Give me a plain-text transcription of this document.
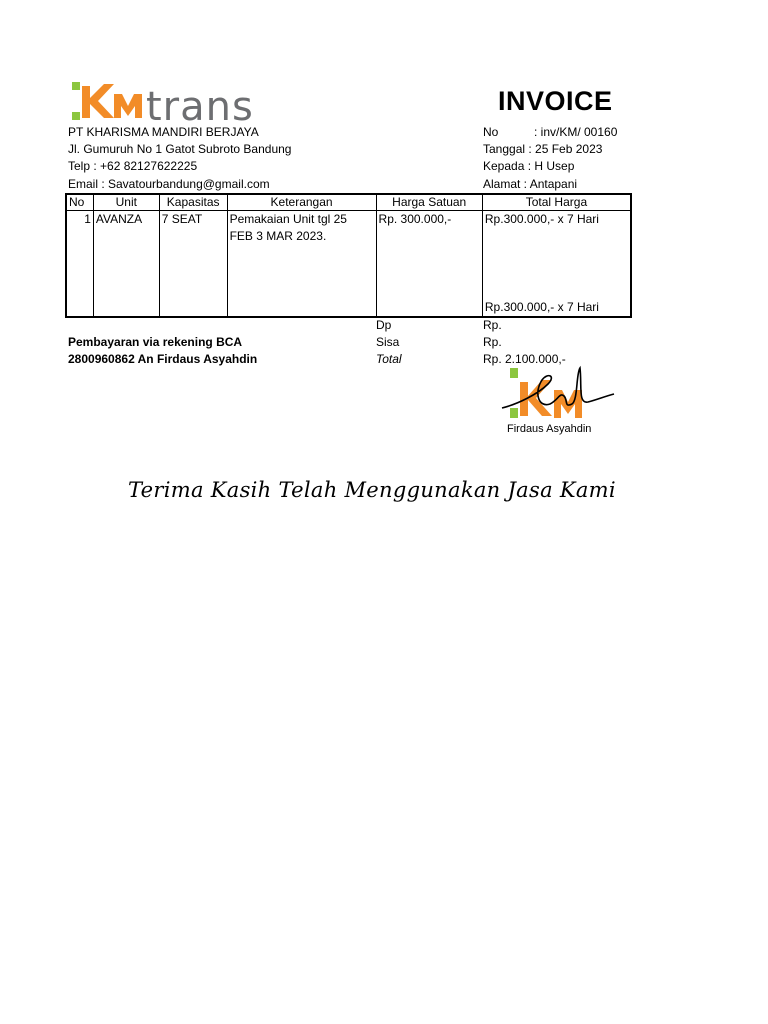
trans	INVOICE
PT KHARISMA MANDIRI BERJAYA
Jl. Gumuruh No 1 Gatot Subroto Bandung
Telp : +62 82127622225
Email : Savatourbandung@gmail.com
No	: inv/KM/ 00160
Tanggal : 25 Feb 2023
Kepada : H Usep
Alamat : Antapani
No	Unit	Kapasitas	Keterangan	Harga Satuan	Total Harga
1	AVANZA	7 SEAT	Pemakaian Unit tgl 25 FEB 3 MAR 2023.	Rp. 300.000,-	Rp.300.000,- x 7 Hari
Rp.300.000,- x 7 Hari
Dp	Rp.
Sisa	Rp.
Total	Rp. 2.100.000,-
Pembayaran via rekening BCA
2800960862 An Firdaus Asyahdin
Firdaus Asyahdin
Terima Kasih Telah Menggunakan Jasa Kami
